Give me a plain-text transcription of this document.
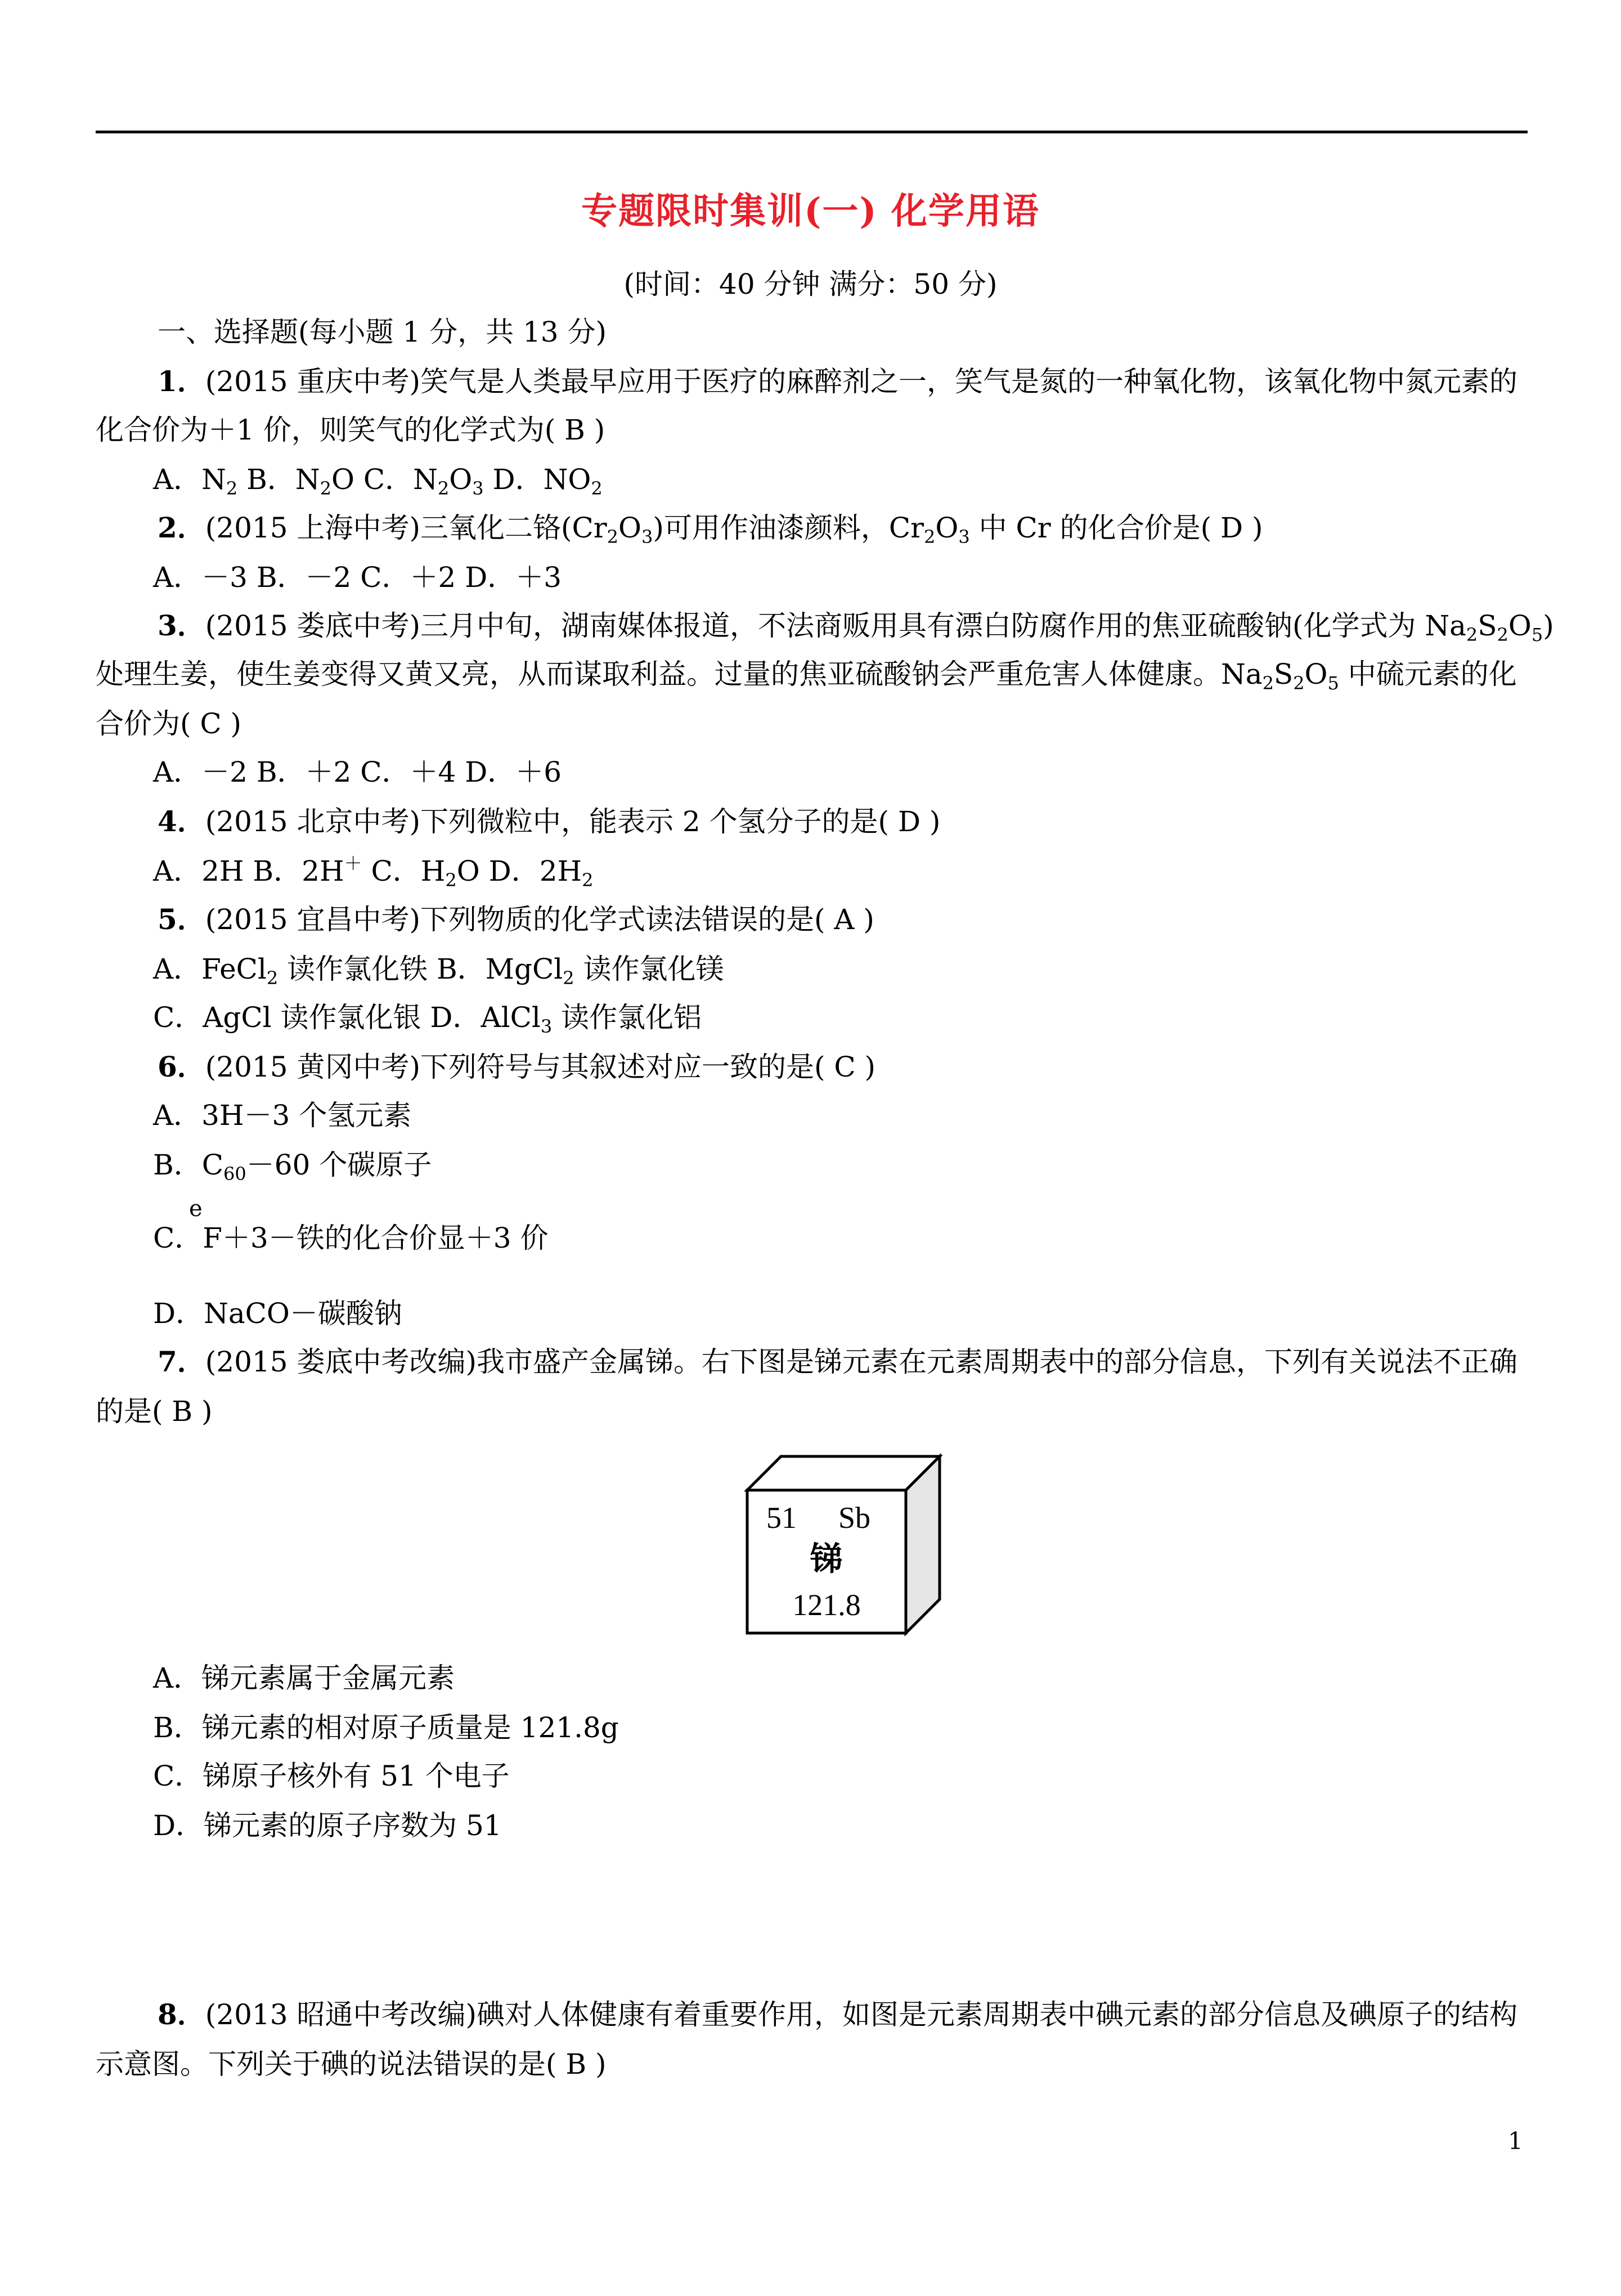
专题限时集训(一) 化学用语
(时间：40 分钟 满分：50 分)
一、选择题(每小题 1 分，共 13 分)
1．(2015 重庆中考)笑气是人类最早应用于医疗的麻醉剂之一，笑气是氮的一种氧化物，该氧化物中氮元素的
化合价为＋1 价，则笑气的化学式为( B )
A．$N_2$ B．$N_2O$ C．$N_2O_3$ D．$NO_2$
2．(2015 上海中考)三氧化二铬$(Cr_2O_3)$可用作油漆颜料，$Cr_2O_3$ 中 Cr 的化合价是( D )
A．－3 B．－2 C．＋2 D．＋3
3．(2015 娄底中考)三月中旬，湖南媒体报道，不法商贩用具有漂白防腐作用的焦亚硫酸钠(化学式为 $Na_2S_2O_5$)
处理生姜，使生姜变得又黄又亮，从而谋取利益。过量的焦亚硫酸钠会严重危害人体健康。$Na_2S_2O_5$ 中硫元素的化
合价为( C )
A．－2 B．＋2 C．＋4 D．＋6
4．(2015 北京中考)下列微粒中，能表示 2 个氢分子的是( D )
A．2H B．2H＋ C．$H_2O$ D．$2H_2$
5．(2015 宜昌中考)下列物质的化学式读法错误的是( A )
A．FeCl$_2$ 读作氯化铁 B．MgCl$_2$ 读作氯化镁
C．AgCl 读作氯化银 D．AlCl$_3$ 读作氯化铝
6．(2015 黄冈中考)下列符号与其叙述对应一致的是( C )
A．3H－3 个氢元素
B．$C_{60}-60$ 个碳原子
e
C．F＋3－铁的化合价显＋3 价
D．NaCO－碳酸钠
7．(2015 娄底中考改编)我市盛产金属锑。右下图是锑元素在元素周期表中的部分信息，下列有关说法不正确
的是( B )
51 Sb
锑
121.8
A．锑元素属于金属元素
B．锑元素的相对原子质量是 121.8g
C．锑原子核外有 51 个电子
D．锑元素的原子序数为 51
8．(2013 昭通中考改编)碘对人体健康有着重要作用，如图是元素周期表中碘元素的部分信息及碘原子的结构
示意图。下列关于碘的说法错误的是( B )
1
